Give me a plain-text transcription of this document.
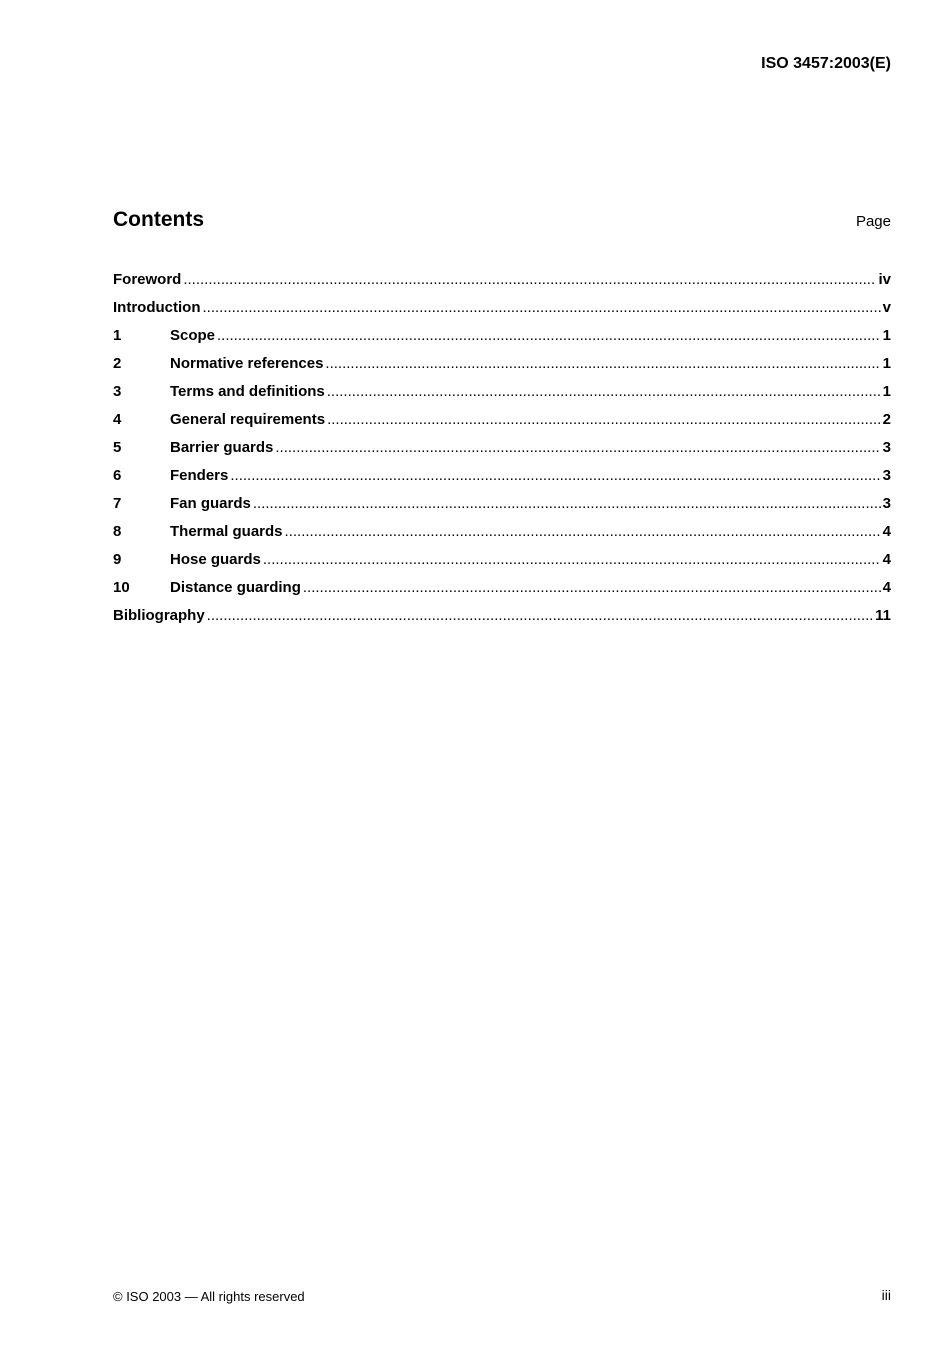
ISO 3457:2003(E)
Contents	Page
Foreword .....	iv
Introduction .....	v
1	Scope .....	1
2	Normative references .....	1
3	Terms and definitions .....	1
4	General requirements .....	2
5	Barrier guards .....	3
6	Fenders .....	3
7	Fan guards .....	3
8	Thermal guards .....	4
9	Hose guards .....	4
10	Distance guarding .....	4
Bibliography .....	11
© ISO 2003 — All rights reserved	iii
